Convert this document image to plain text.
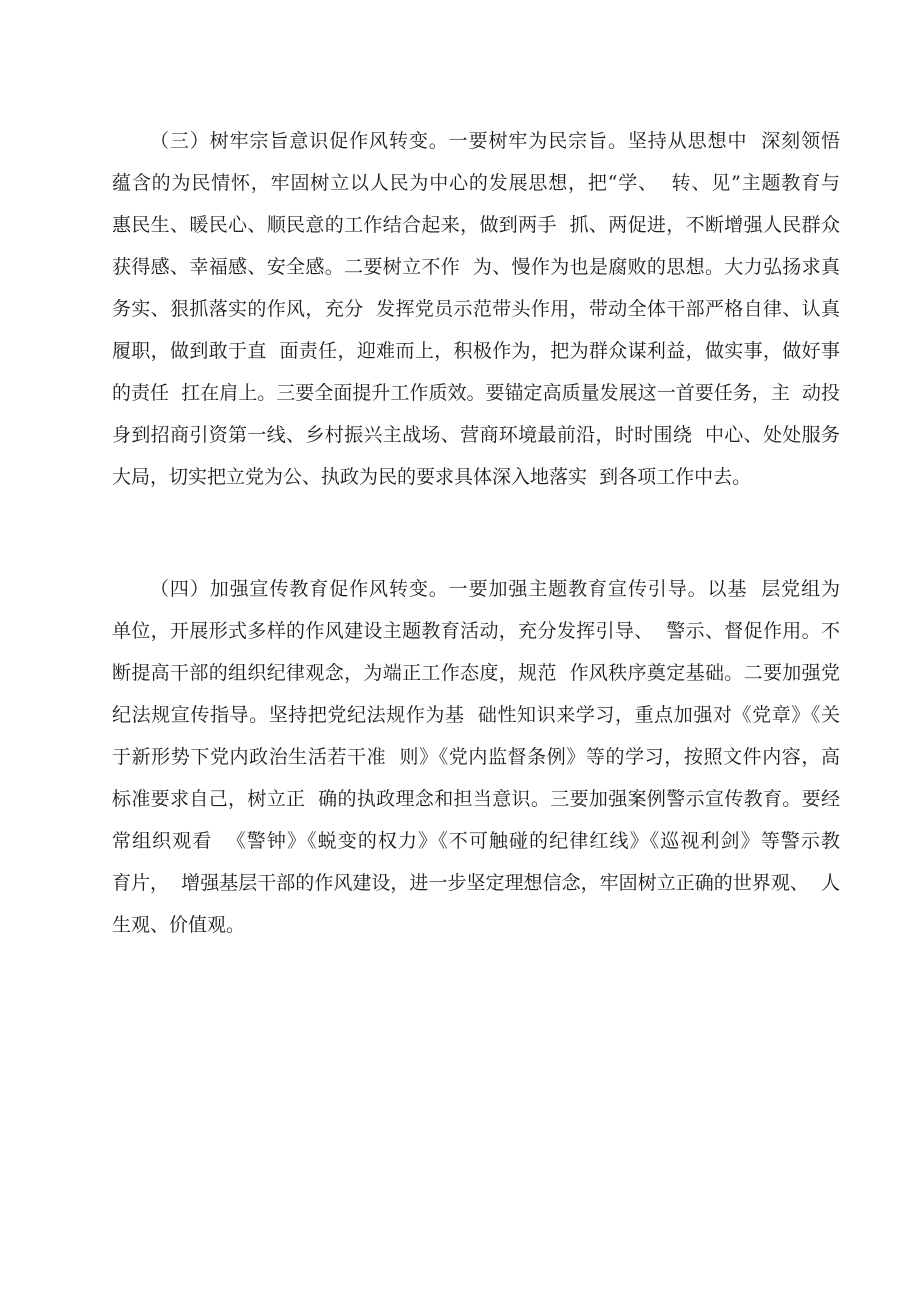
（三）树牢宗旨意识促作风转变。一要树牢为民宗旨。坚持从思想中  深刻领悟
蕴含的为民情怀，牢固树立以人民为中心的发展思想，把“学、  转、见”主题教育与
惠民生、暖民心、顺民意的工作结合起来，做到两手  抓、两促进，不断增强人民群众
获得感、幸福感、安全感。二要树立不作  为、慢作为也是腐败的思想。大力弘扬求真
务实、狠抓落实的作风，充分  发挥党员示范带头作用，带动全体干部严格自律、认真
履职，做到敢于直  面责任，迎难而上，积极作为，把为群众谋利益，做实事，做好事
的责任  扛在肩上。三要全面提升工作质效。要锚定高质量发展这一首要任务，主  动投
身到招商引资第一线、乡村振兴主战场、营商环境最前沿，时时围绕  中心、处处服务
大局，切实把立党为公、执政为民的要求具体深入地落实  到各项工作中去。
（四）加强宣传教育促作风转变。一要加强主题教育宣传引导。以基  层党组为
单位，开展形式多样的作风建设主题教育活动，充分发挥引导、  警示、督促作用。不
断提高干部的组织纪律观念，为端正工作态度，规范  作风秩序奠定基础。二要加强党
纪法规宣传指导。坚持把党纪法规作为基  础性知识来学习，重点加强对《党章》《关
于新形势下党内政治生活若干准  则》《党内监督条例》等的学习，按照文件内容，高
标准要求自己，树立正  确的执政理念和担当意识。三要加强案例警示宣传教育。要经
常组织观看  《警钟》《蜕变的权力》《不可触碰的纪律红线》《巡视利剑》等警示教
育片，  增强基层干部的作风建设，进一步坚定理想信念，牢固树立正确的世界观、  人
生观、价值观。
